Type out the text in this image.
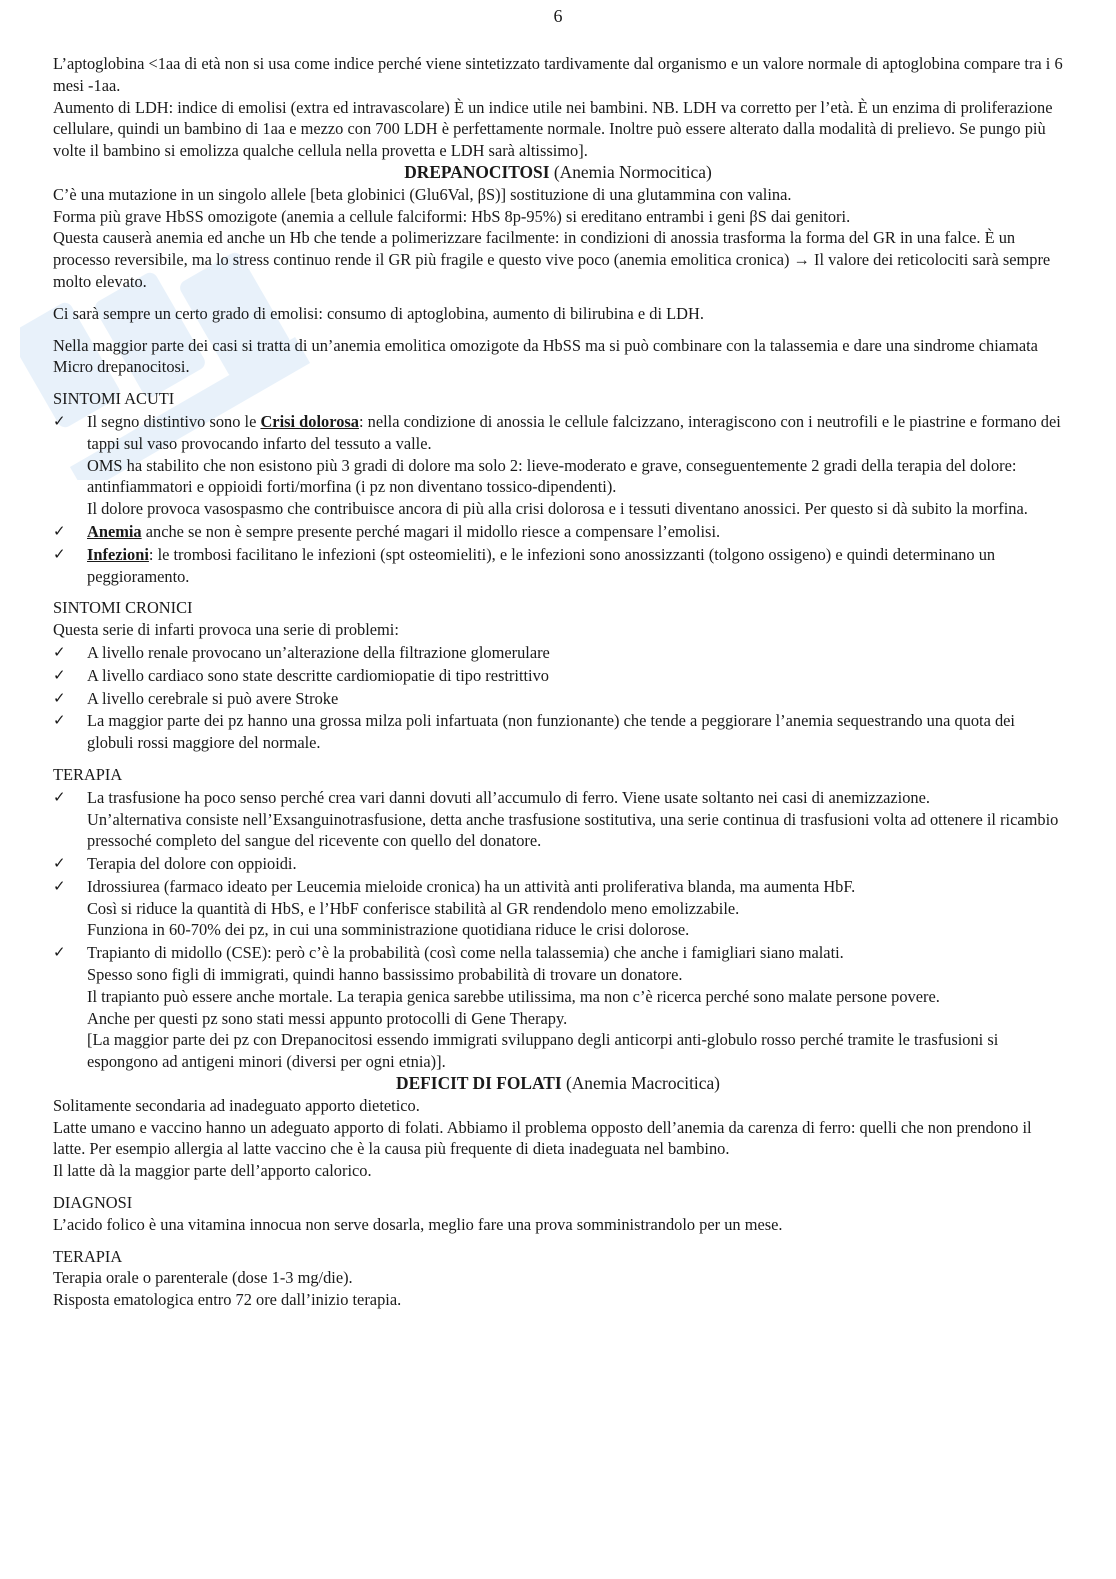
6

L’aptoglobina <1aa di età non si usa come indice perché viene sintetizzato tardivamente dal organismo e un valore normale di aptoglobina compare tra i 6 mesi -1aa.

Aumento di LDH: indice di emolisi (extra ed intravascolare) È un indice utile nei bambini. NB. LDH va corretto per l’età. È un enzima di proliferazione cellulare, quindi un bambino di 1aa e mezzo con 700 LDH è perfettamente normale. Inoltre può essere alterato dalla modalità di prelievo. Se pungo più volte il bambino si emolizza qualche cellula nella provetta e LDH sarà altissimo].

DREPANOCITOSI (Anemia Normocitica)

C’è una mutazione in un singolo allele [beta globinici (Glu6Val, βS)] sostituzione di una glutammina con valina.

Forma più grave HbSS omozigote (anemia a cellule falciformi: HbS 8p-95%) si ereditano entrambi i geni βS dai genitori.

Questa causerà anemia ed anche un Hb che tende a polimerizzare facilmente: in condizioni di anossia trasforma la forma del GR in una falce. È un processo reversibile, ma lo stress continuo rende il GR più fragile e questo vive poco (anemia emolitica cronica) → Il valore dei reticolociti sarà sempre molto elevato.

Ci sarà sempre un certo grado di emolisi: consumo di aptoglobina, aumento di bilirubina e di LDH.

Nella maggior parte dei casi si tratta di un’anemia emolitica omozigote da HbSS ma si può combinare con la talassemia e dare una sindrome chiamata Micro drepanocitosi.

SINTOMI ACUTI

✓	Il segno distintivo sono le Crisi dolorosa: nella condizione di anossia le cellule falcizzano, interagiscono con i neutrofili e le piastrine e formano dei tappi sul vaso provocando infarto del tessuto a valle.
OMS ha stabilito che non esistono più 3 gradi di dolore ma solo 2: lieve-moderato e grave, conseguentemente 2 gradi della terapia del dolore: antinfiammatori e oppioidi forti/morfina (i pz non diventano tossico-dipendenti).
Il dolore provoca vasospasmo che contribuisce ancora di più alla crisi dolorosa e i tessuti diventano anossici. Per questo si dà subito la morfina.
✓	Anemia anche se non è sempre presente perché magari il midollo riesce a compensare l’emolisi.
✓	Infezioni: le trombosi facilitano le infezioni (spt osteomieliti), e le infezioni sono anossizzanti (tolgono ossigeno) e quindi determinano un peggioramento.

SINTOMI CRONICI

Questa serie di infarti provoca una serie di problemi:

✓	A livello renale provocano un’alterazione della filtrazione glomerulare
✓	A livello cardiaco sono state descritte cardiomiopatie di tipo restrittivo
✓	A livello cerebrale si può avere Stroke
✓	La maggior parte dei pz hanno una grossa milza poli infartuata (non funzionante) che tende a peggiorare l’anemia sequestrando una quota dei globuli rossi maggiore del normale.

TERAPIA

✓	La trasfusione ha poco senso perché crea vari danni dovuti all’accumulo di ferro. Viene usate soltanto nei casi di anemizzazione.
Un’alternativa consiste nell’Exsanguinotrasfusione, detta anche trasfusione sostitutiva, una serie continua di trasfusioni volta ad ottenere il ricambio pressoché completo del sangue del ricevente con quello del donatore.
✓	Terapia del dolore con oppioidi.
✓	Idrossiurea (farmaco ideato per Leucemia mieloide cronica) ha un attività anti proliferativa blanda, ma aumenta HbF.
Così si riduce la quantità di HbS, e l’HbF conferisce stabilità al GR rendendolo meno emolizzabile.
Funziona in 60-70% dei pz, in cui una somministrazione quotidiana riduce le crisi dolorose.
✓	Trapianto di midollo (CSE): però c’è la probabilità (così come nella talassemia) che anche i famigliari siano malati.
Spesso sono figli di immigrati, quindi hanno bassissimo probabilità di trovare un donatore.
Il trapianto può essere anche mortale. La terapia genica sarebbe utilissima, ma non c’è ricerca perché sono malate persone povere.
Anche per questi pz sono stati messi appunto protocolli di Gene Therapy.
[La maggior parte dei pz con Drepanocitosi essendo immigrati sviluppano degli anticorpi anti-globulo rosso perché tramite le trasfusioni si espongono ad antigeni minori (diversi per ogni etnia)].
DEFICIT DI FOLATI (Anemia Macrocitica)

Solitamente secondaria ad inadeguato apporto dietetico.

Latte umano e vaccino hanno un adeguato apporto di folati. Abbiamo il problema opposto dell’anemia da carenza di ferro: quelli che non prendono il latte. Per esempio allergia al latte vaccino che è la causa più frequente di dieta inadeguata nel bambino.

Il latte dà la maggior parte dell’apporto calorico.

DIAGNOSI

L’acido folico è una vitamina innocua non serve dosarla, meglio fare una prova somministrandolo per un mese.

TERAPIA

Terapia orale o parenterale (dose 1-3 mg/die).

Risposta ematologica entro 72 ore dall’inizio terapia.
